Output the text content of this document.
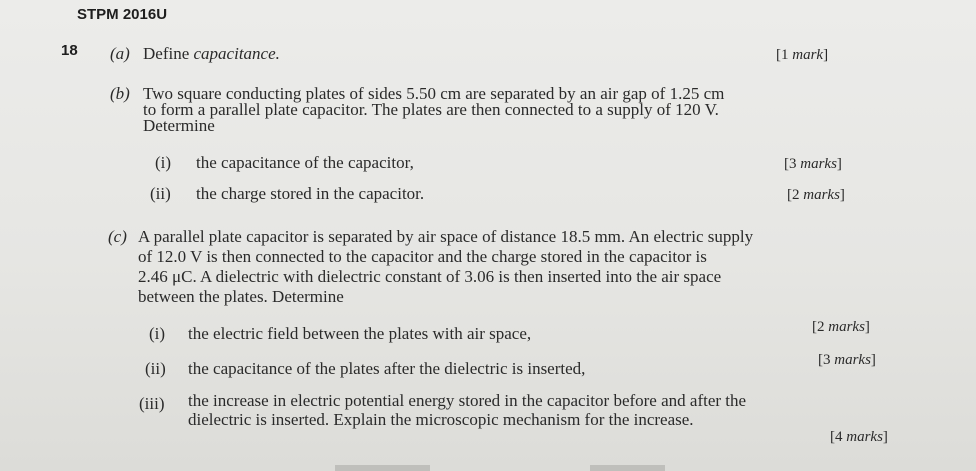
STPM 2016U
18 (a) Define capacitance.	[1 mark]
(b) Two square conducting plates of sides 5.50 cm are separated by an air gap of 1.25 cm
to form a parallel plate capacitor. The plates are then connected to a supply of 120 V.
Determine
(i) the capacitance of the capacitor,	[3 marks]
(ii) the charge stored in the capacitor.	[2 marks]
(c) A parallel plate capacitor is separated by air space of distance 18.5 mm. An electric supply
of 12.0 V is then connected to the capacitor and the charge stored in the capacitor is
2.46 μC. A dielectric with dielectric constant of 3.06 is then inserted into the air space
between the plates. Determine
(i) the electric field between the plates with air space,	[2 marks]
(ii) the capacitance of the plates after the dielectric is inserted,	[3 marks]
(iii) the increase in electric potential energy stored in the capacitor before and after the
dielectric is inserted. Explain the microscopic mechanism for the increase.
[4 marks]
